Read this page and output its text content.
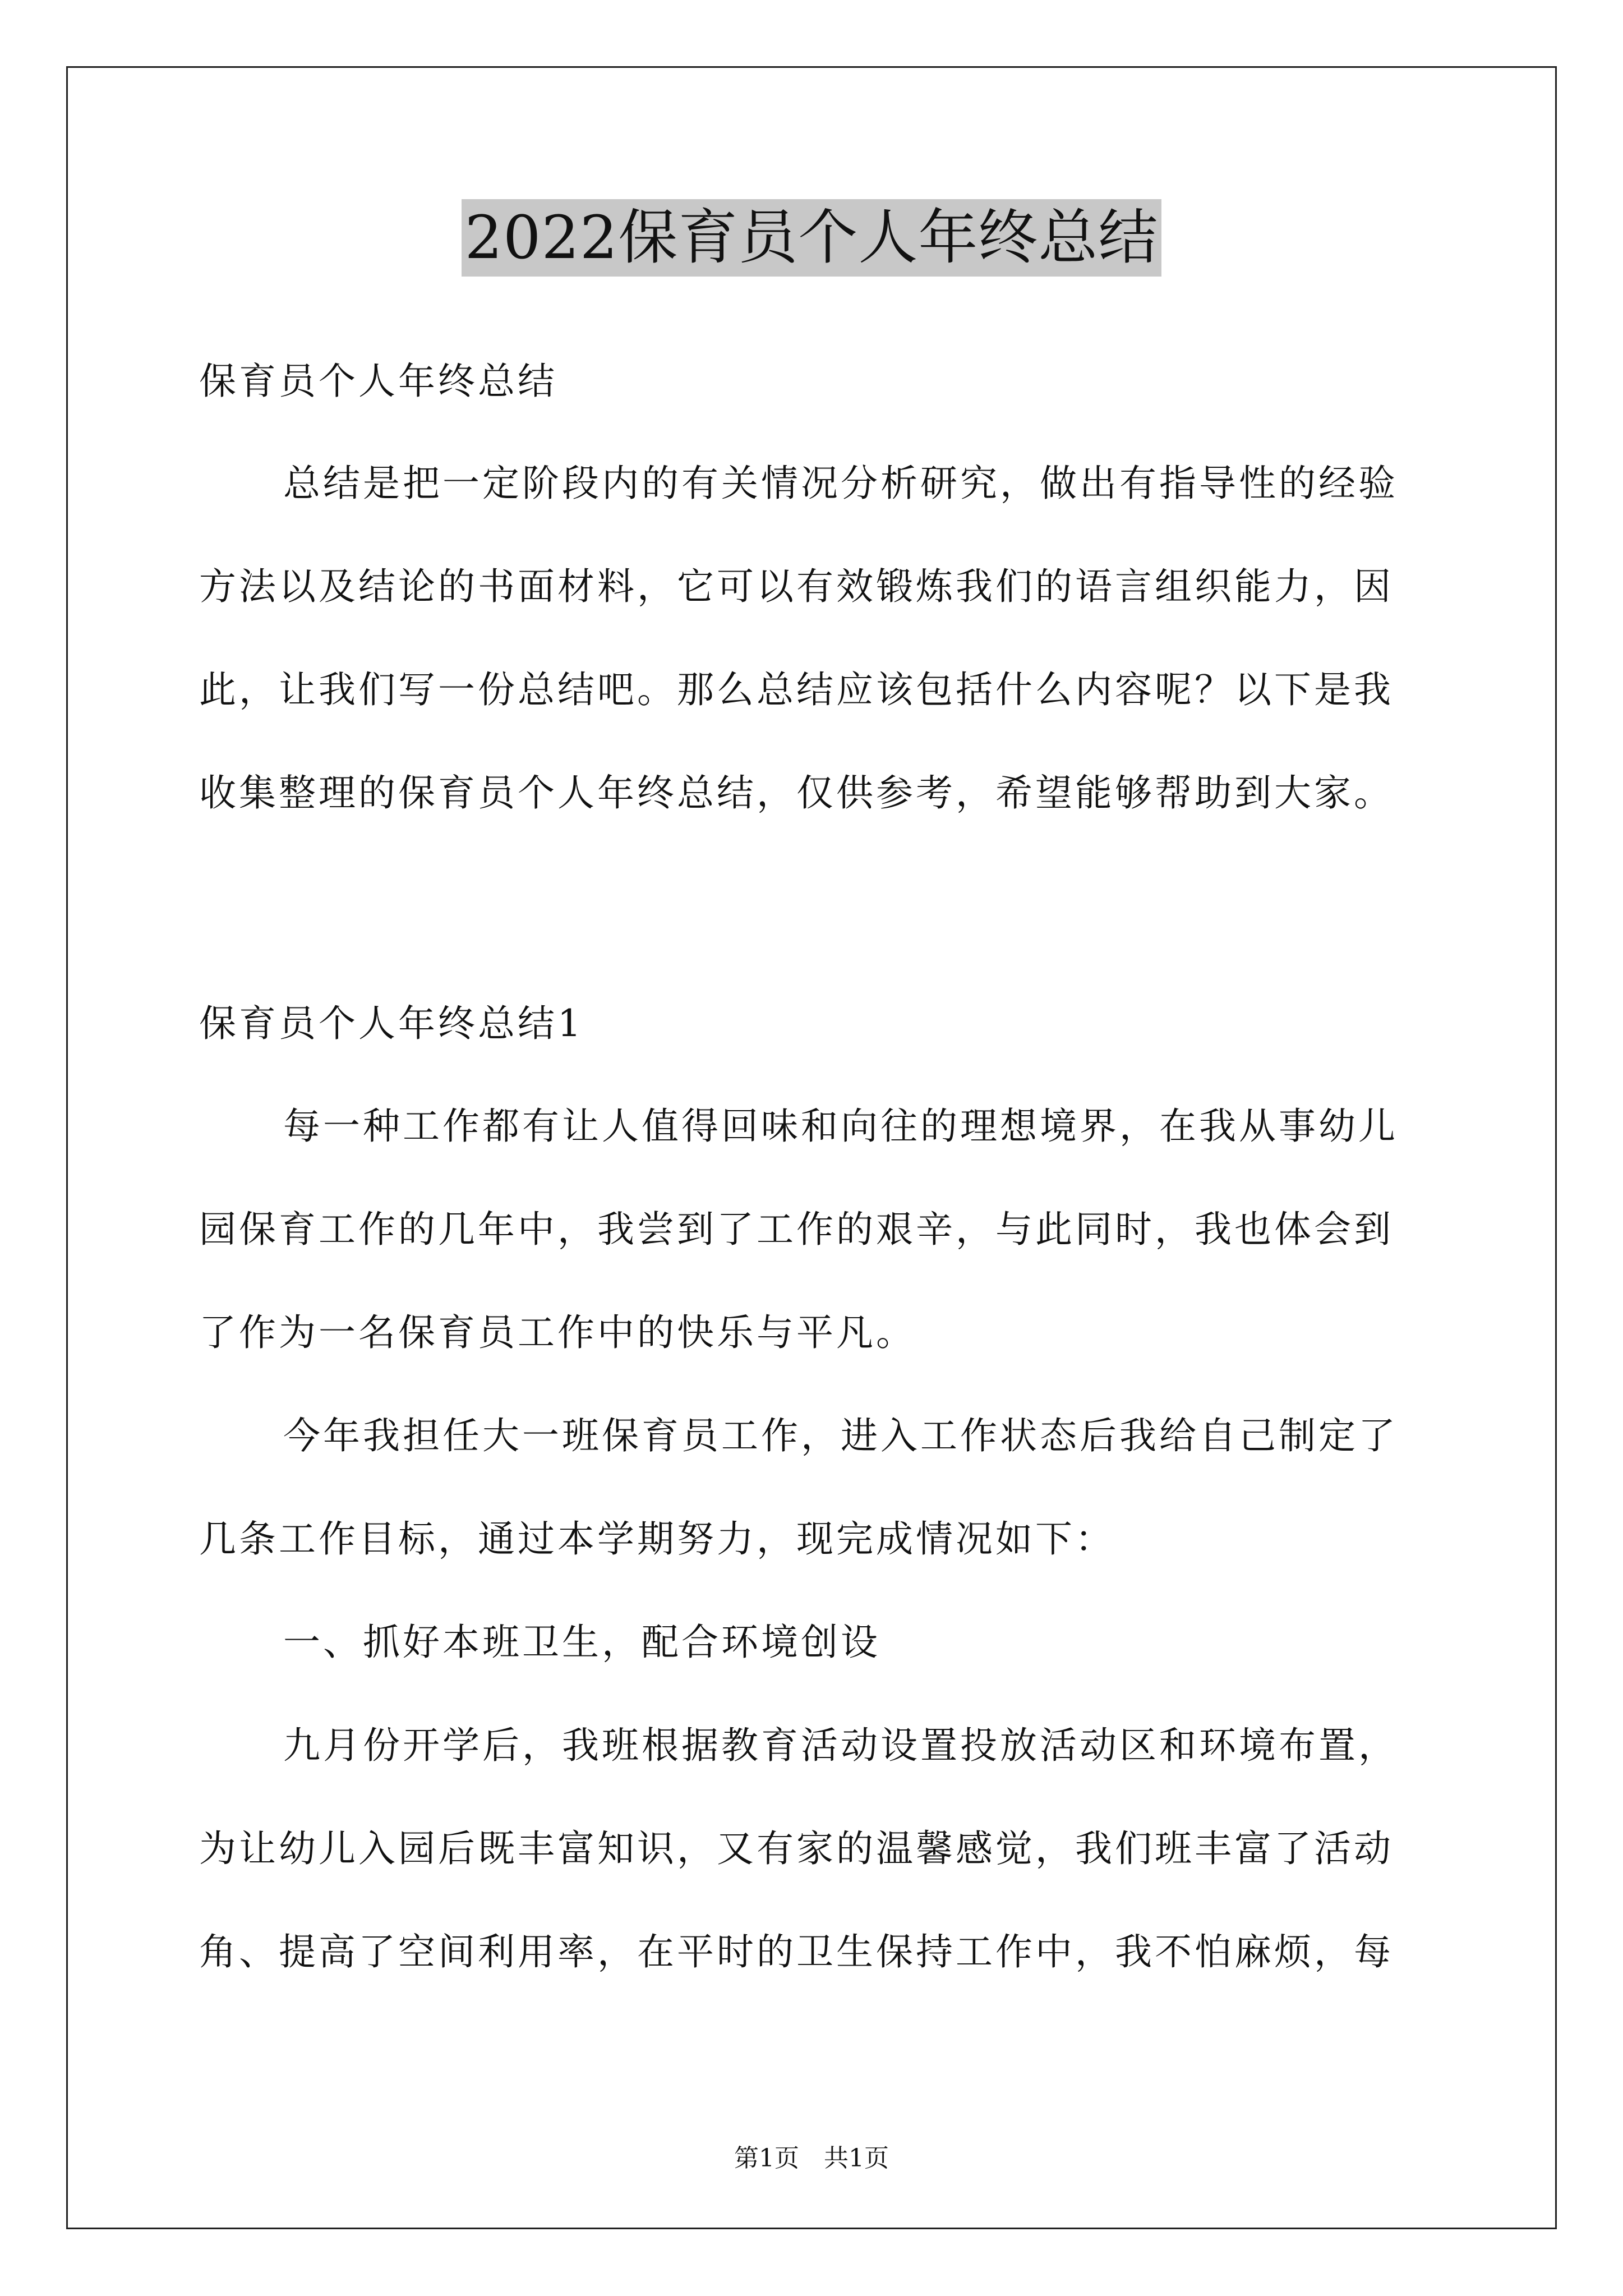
2022保育员个人年终总结
保育员个人年终总结
总结是把一定阶段内的有关情况分析研究，做出有指导性的经验
方法以及结论的书面材料，它可以有效锻炼我们的语言组织能力，因
此，让我们写一份总结吧。那么总结应该包括什么内容呢？以下是我
收集整理的保育员个人年终总结，仅供参考，希望能够帮助到大家。
保育员个人年终总结1
每一种工作都有让人值得回味和向往的理想境界，在我从事幼儿
园保育工作的几年中，我尝到了工作的艰辛，与此同时，我也体会到
了作为一名保育员工作中的快乐与平凡。
今年我担任大一班保育员工作，进入工作状态后我给自己制定了
几条工作目标，通过本学期努力，现完成情况如下：
一、抓好本班卫生，配合环境创设
九月份开学后，我班根据教育活动设置投放活动区和环境布置，
为让幼儿入园后既丰富知识，又有家的温馨感觉，我们班丰富了活动
角、提高了空间利用率，在平时的卫生保持工作中，我不怕麻烦，每
第1页　共1页
